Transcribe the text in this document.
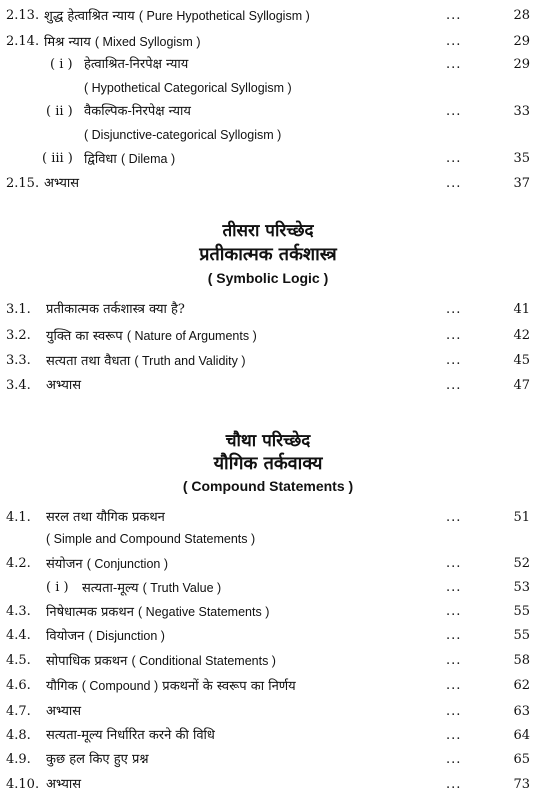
2.13. शुद्ध हेत्वाश्रित न्याय ( Pure Hypothetical Syllogism )	...	28
2.14. मिश्र न्याय ( Mixed Syllogism )	...	29
( i ) हेत्वाश्रित-निरपेक्ष न्याय	...	29
( Hypothetical Categorical Syllogism )
( ii ) वैकल्पिक-निरपेक्ष न्याय	...	33
( Disjunctive-categorical Syllogism )
( iii ) द्विविधा ( Dilema )	...	35
2.15. अभ्यास	...	37
तीसरा परिच्छेद
प्रतीकात्मक तर्कशास्त्र
( Symbolic Logic )
3.1. प्रतीकात्मक तर्कशास्त्र क्या है?	...	41
3.2. युक्ति का स्वरूप ( Nature of Arguments )	...	42
3.3. सत्यता तथा वैधता ( Truth and Validity )	...	45
3.4. अभ्यास	...	47
चौथा परिच्छेद
यौगिक तर्कवाक्य
( Compound Statements )
4.1. सरल तथा यौगिक प्रकथन	...	51
( Simple and Compound Statements )
4.2. संयोजन ( Conjunction )	...	52
( i ) सत्यता-मूल्य ( Truth Value )	...	53
4.3. निषेधात्मक प्रकथन ( Negative Statements )	...	55
4.4. वियोजन ( Disjunction )	...	55
4.5. सोपाधिक प्रकथन ( Conditional Statements )	...	58
4.6. यौगिक ( Compound ) प्रकथनों के स्वरूप का निर्णय	...	62
4.7. अभ्यास	...	63
4.8. सत्यता-मूल्य निर्धारित करने की विधि	...	64
4.9. कुछ हल किए हुए प्रश्न	...	65
4.10. अभ्यास	...	73
